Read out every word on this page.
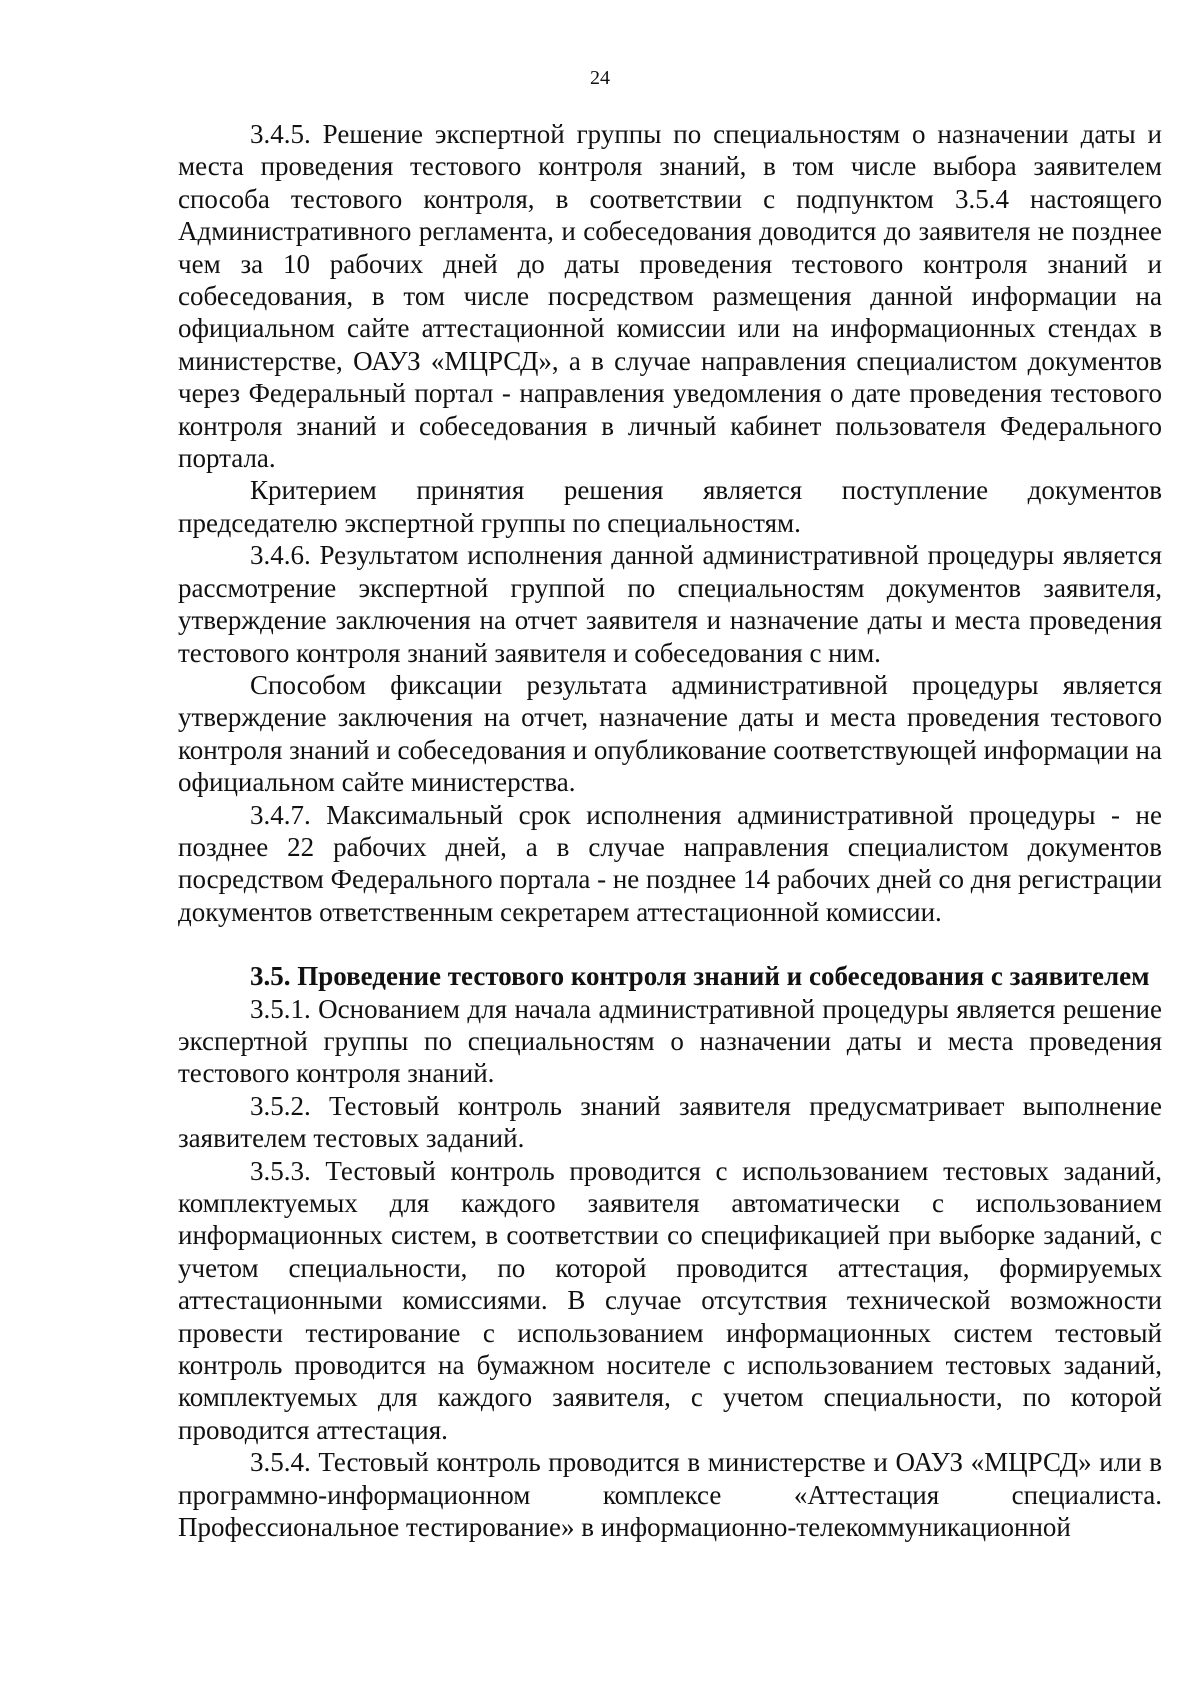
24

3.4.5. Решение экспертной группы по специальностям о назначении даты и места проведения тестового контроля знаний, в том числе выбора заявителем способа тестового контроля, в соответствии с подпунктом 3.5.4 настоящего Административного регламента, и собеседования доводится до заявителя не позднее чем за 10 рабочих дней до даты проведения тестового контроля знаний и собеседования, в том числе посредством размещения данной информации на официальном сайте аттестационной комиссии или на информационных стендах в министерстве, ОАУЗ «МЦРСД», а в случае направления специалистом документов через Федеральный портал - направления уведомления о дате проведения тестового контроля знаний и собеседования в личный кабинет пользователя Федерального портала.

Критерием принятия решения является поступление документов председателю экспертной группы по специальностям.

3.4.6. Результатом исполнения данной административной процедуры является рассмотрение экспертной группой по специальностям документов заявителя, утверждение заключения на отчет заявителя и назначение даты и места проведения тестового контроля знаний заявителя и собеседования с ним.

Способом фиксации результата административной процедуры является утверждение заключения на отчет, назначение даты и места проведения тестового контроля знаний и собеседования и опубликование соответствующей информации на официальном сайте министерства.

3.4.7. Максимальный срок исполнения административной процедуры - не позднее 22 рабочих дней, а в случае направления специалистом документов посредством Федерального портала - не позднее 14 рабочих дней со дня регистрации документов ответственным секретарем аттестационной комиссии.

3.5. Проведение тестового контроля знаний и собеседования с заявителем

3.5.1. Основанием для начала административной процедуры является решение экспертной группы по специальностям о назначении даты и места проведения тестового контроля знаний.

3.5.2. Тестовый контроль знаний заявителя предусматривает выполнение заявителем тестовых заданий.

3.5.3. Тестовый контроль проводится с использованием тестовых заданий, комплектуемых для каждого заявителя автоматически с использованием информационных систем, в соответствии со спецификацией при выборке заданий, с учетом специальности, по которой проводится аттестация, формируемых аттестационными комиссиями. В случае отсутствия технической возможности провести тестирование с использованием информационных систем тестовый контроль проводится на бумажном носителе с использованием тестовых заданий, комплектуемых для каждого заявителя, с учетом специальности, по которой проводится аттестация.

3.5.4. Тестовый контроль проводится в министерстве и ОАУЗ «МЦРСД» или в программно-информационном комплексе «Аттестация специалиста. Профессиональное тестирование» в информационно-телекоммуникационной
